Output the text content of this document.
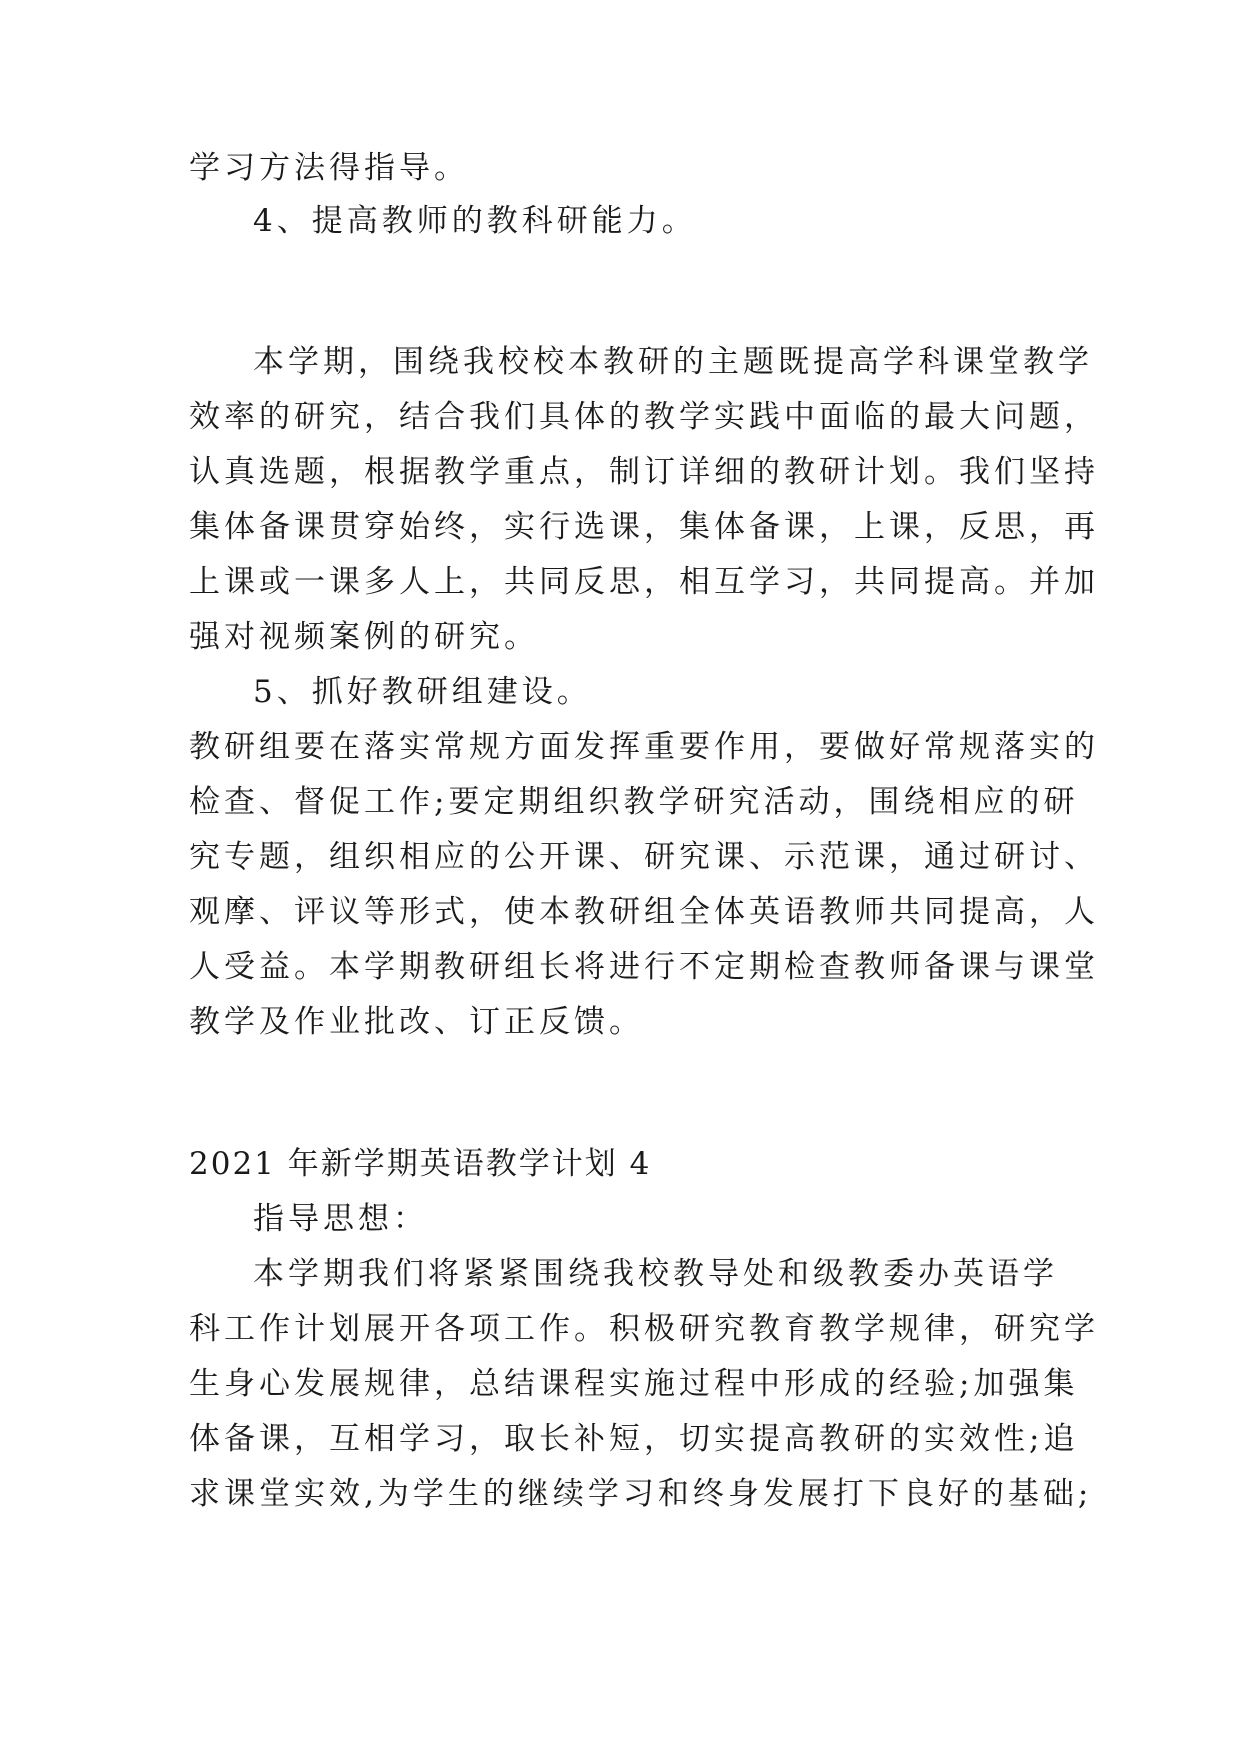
学习方法得指导。
4、提高教师的教科研能力。
本学期，围绕我校校本教研的主题既提高学科课堂教学
效率的研究，结合我们具体的教学实践中面临的最大问题，
认真选题，根据教学重点，制订详细的教研计划。我们坚持
集体备课贯穿始终，实行选课，集体备课，上课，反思，再
上课或一课多人上，共同反思，相互学习，共同提高。并加
强对视频案例的研究。
5、抓好教研组建设。
教研组要在落实常规方面发挥重要作用，要做好常规落实的
检查、督促工作;要定期组织教学研究活动，围绕相应的研
究专题，组织相应的公开课、研究课、示范课，通过研讨、
观摩、评议等形式，使本教研组全体英语教师共同提高，人
人受益。本学期教研组长将进行不定期检查教师备课与课堂
教学及作业批改、订正反馈。
2021 年新学期英语教学计划 4
指导思想：
本学期我们将紧紧围绕我校教导处和级教委办英语学
科工作计划展开各项工作。积极研究教育教学规律，研究学
生身心发展规律，总结课程实施过程中形成的经验;加强集
体备课，互相学习，取长补短，切实提高教研的实效性;追
求课堂实效,为学生的继续学习和终身发展打下良好的基础;
